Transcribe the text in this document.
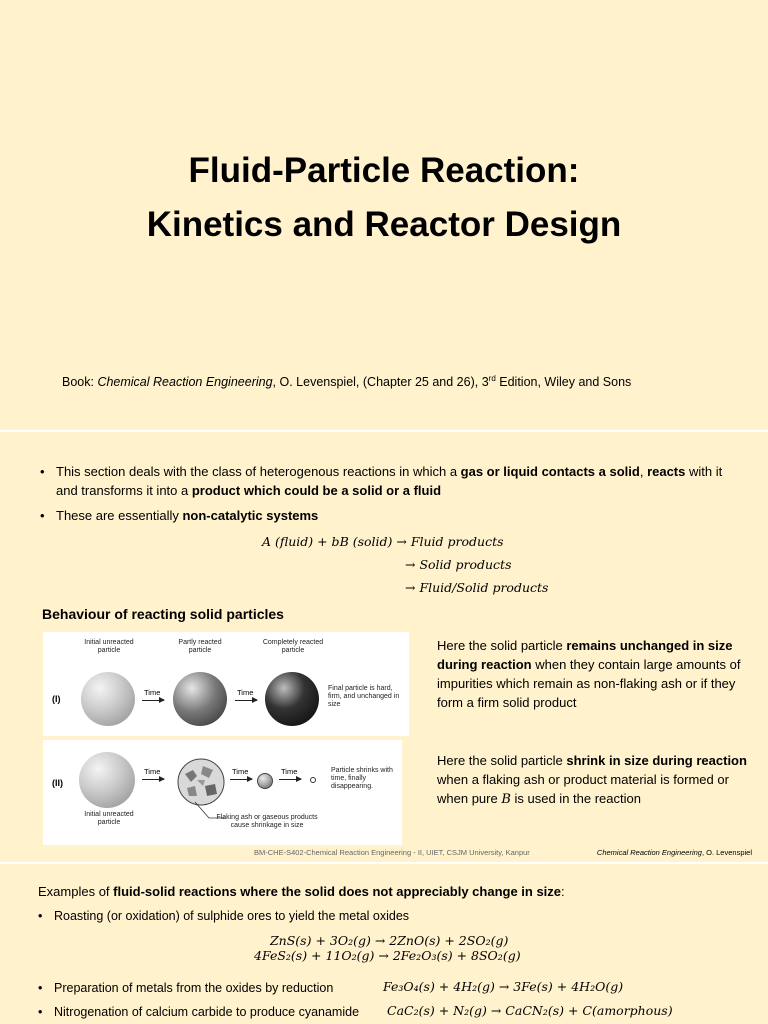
Fluid-Particle Reaction:
Kinetics and Reactor Design
Book: Chemical Reaction Engineering, O. Levenspiel, (Chapter 25 and 26), 3rd Edition, Wiley and Sons
• This section deals with the class of heterogenous reactions in which a gas or liquid contacts a solid, reacts with it and transforms it into a product which could be a solid or a fluid
• These are essentially non-catalytic systems
A (fluid) + bB (solid) → Fluid products
→ Solid products
→ Fluid/Solid products
Behaviour of reacting solid particles
(I)
Initial unreacted particle
Partly reacted particle
Completely reacted particle
Time	Time	Final particle is hard, firm, and unchanged in size
(II)
Time	Time	Time	Particle shrinks with time, finally disappearing.
Initial unreacted particle
Flaking ash or gaseous products cause shrinkage in size
Here the solid particle remains unchanged in size during reaction when they contain large amounts of impurities which remain as non-flaking ash or if they form a firm solid product
Here the solid particle shrink in size during reaction when a flaking ash or product material is formed or when pure B is used in the reaction
BM-CHE-S402-Chemical Reaction Engineering - II, UIET, CSJM University, Kanpur	Chemical Reaction Engineering, O. Levenspiel
Examples of fluid-solid reactions where the solid does not appreciably change in size:
• Roasting (or oxidation) of sulphide ores to yield the metal oxides
ZnS(s) + 3O₂(g) → 2ZnO(s) + 2SO₂(g)
4FeS₂(s) + 11O₂(g) → 2Fe₂O₃(s) + 8SO₂(g)
• Preparation of metals from the oxides by reduction	Fe₃O₄(s) + 4H₂(g) → 3Fe(s) + 4H₂O(g)
• Nitrogenation of calcium carbide to produce cyanamide	CaC₂(s) + N₂(g) → CaCN₂(s) + C(amorphous)
